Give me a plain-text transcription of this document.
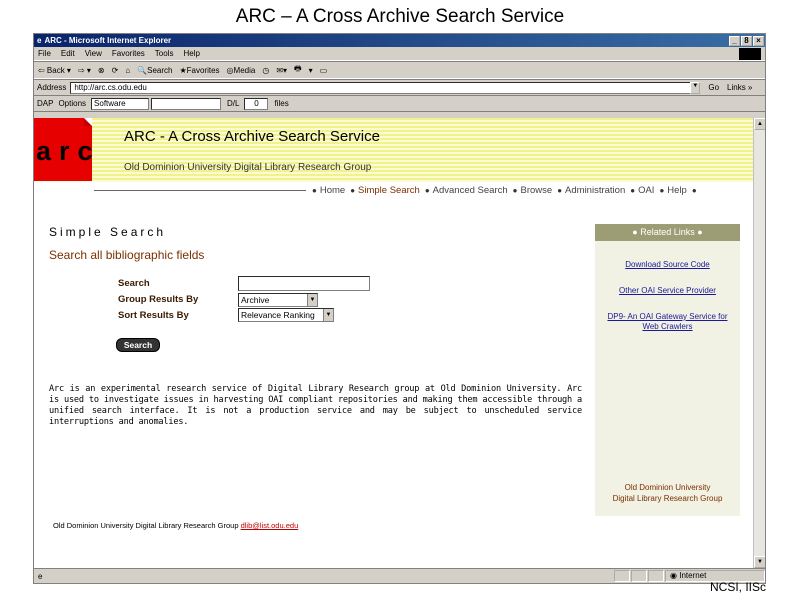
ARC – A Cross Archive Search Service
e ARC - Microsoft Internet Explorer	_ 8 ×
File Edit View Favorites Tools Help
⇦ Back ▾ ⇨ ▾ ⊗ ⟳ ⌂ 🔍Search ★Favorites ◎Media ◷ ✉▾ 🖶 ▾ ▭
Address	http://arc.cs.odu.edu	▼ Go Links »
DAP Options	Software	D/L	0	files
arc ARC - A Cross Archive Search Service
Old Dominion University Digital Library Research Group
● Home ● Simple Search ● Advanced Search ● Browse ● Administration ● OAI ● Help ●
Simple Search
Search all bibliographic fields
Search
Group Results By	Archive	▼
Sort Results By	Relevance Ranking	▼
Search
Arc is an experimental research service of Digital Library Research group at Old Dominion University. Arc is used to investigate issues in harvesting OAI compliant repositories and making them accessible through a unified search interface. It is not a production service and may be subject to unscheduled service interruptions and anomalies.
Old Dominion University Digital Library Research Group dlib@list.odu.edu
● Related Links ●
Download Source Code
Other OAI Service Provider
DP9- An OAI Gateway Service for Web Crawlers
Old Dominion University
Digital Library Research Group
▲
▼
e	◉ Internet
NCSI, IISc
